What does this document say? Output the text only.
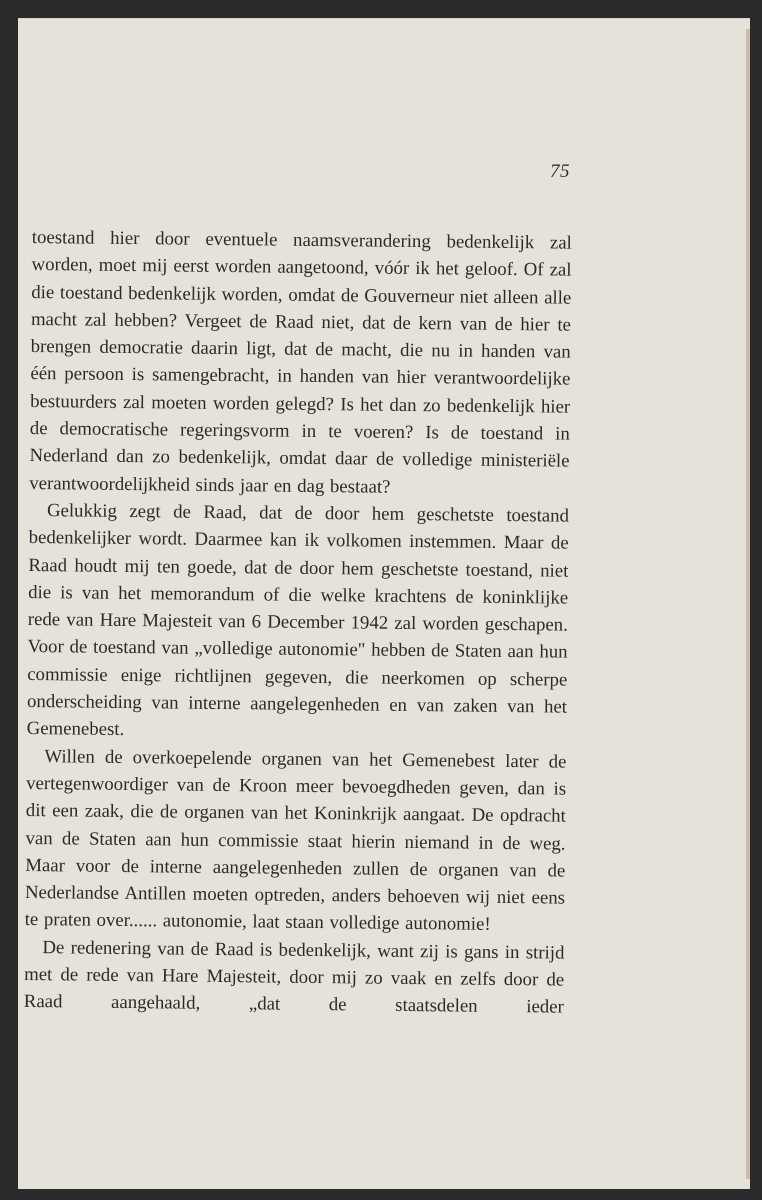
75

toestand hier door eventuele naamsverandering bedenkelijk zal worden, moet mij eerst worden aangetoond, vóór ik het geloof. Of zal die toestand bedenkelijk worden, omdat de Gouverneur niet alleen alle macht zal hebben? Vergeet de Raad niet, dat de kern van de hier te brengen democratie daarin ligt, dat de macht, die nu in handen van één persoon is samengebracht, in handen van hier verantwoordelijke bestuurders zal moeten worden gelegd? Is het dan zo bedenkelijk hier de democratische regeringsvorm in te voeren? Is de toestand in Nederland dan zo bedenkelijk, omdat daar de volledige ministeriële verantwoordelijkheid sinds jaar en dag bestaat?

Gelukkig zegt de Raad, dat de door hem geschetste toestand bedenkelijker wordt. Daarmee kan ik volkomen instemmen. Maar de Raad houdt mij ten goede, dat de door hem geschetste toestand, niet die is van het memorandum of die welke krachtens de koninklijke rede van Hare Majesteit van 6 December 1942 zal worden geschapen. Voor de toestand van „volledige autonomie" hebben de Staten aan hun commissie enige richtlijnen gegeven, die neerkomen op scherpe onderscheiding van interne aangelegenheden en van zaken van het Gemenebest.

Willen de overkoepelende organen van het Gemenebest later de vertegenwoordiger van de Kroon meer bevoegdheden geven, dan is dit een zaak, die de organen van het Koninkrijk aangaat. De opdracht van de Staten aan hun commissie staat hierin niemand in de weg. Maar voor de interne aangelegenheden zullen de organen van de Nederlandse Antillen moeten optreden, anders behoeven wij niet eens te praten over...... autonomie, laat staan volledige autonomie!

De redenering van de Raad is bedenkelijk, want zij is gans in strijd met de rede van Hare Majesteit, door mij zo vaak en zelfs door de Raad aangehaald, „dat de staatsdelen ieder
